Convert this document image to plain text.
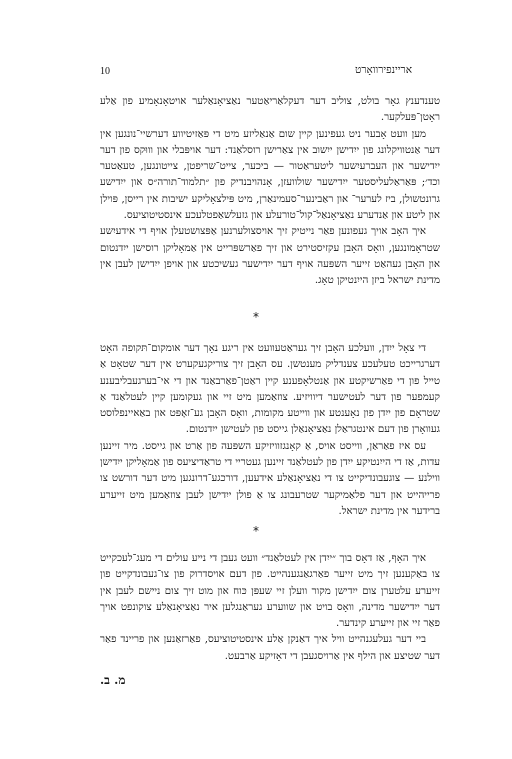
10	אריינפירוואָרט

טענדענץ גאָר בולט, צוליב דער דעקלאַריאַטער נאַציאָנאַלער אויטאָנאָמיע פון אַלע ראָטן־פּעלקער.

מען וועט אָבער ניט געפינען קיין שום אַנאַליזע מיט די פּאַזיטיווע דערשיי־נונגען אין דער אַנטוויקלונג פון ייִדישן ייִשוב אין צאַרישן רוסלאַנד: דער אויפּבלי און וווּקס פון דער ייִדישער און העברעיִשער ליטעראַטור — ביכער, צייט־שריפטן, צייטונגען, טעאַטער וכד׳; פּאַראַלעליסטער ייִדישער שולוועזן, אָנהויבנדיק פון ״תלמוד־תורה״ס און ייִדישע גרונטשולן, ביז לערער־ און ראַבינער־סעמינאַרן, מיט פּילצאָליקע ישיבות אין רייסן, פּוילן און ליטע און אַנדערע נאַציאָנאַל־קול־טורעלע און גזעלשאַפטלעכע אינסטיטוציעס.

איך האָב אויך געפונען פאַר נייטיק זיך אויסצולערנען אַפּצושטעלן אויף די אידעיִשע שטראָמונגען, וואָס האָבן עקזיסטירט און זיך פאַרשפּרייט אין אַמאָליקן רוסישן ייִדנטום און האָבן געהאַט זייער השפּעה אויף דער ייִדישער געשיכטע און אויפן ייִדישן לעבן אין מדינת ישראל ביזן הייִנטיקן טאָג.

*

די צאָל ייִדן, וועלכע האָבן זיך געראַטעוועט אין ריגע נאָך דער אומקום־תּקופה האָט דערגרייכט טעלעכע צענדליק מענטשן. עס האָבן זיך צוריקגעקערט אין דער שטאָט אַ טייל פון די פאַרשיקטע און אַנטלאָפענע קיין ראַטן־פאַרבאַנד און די אי־בערגעבליבענע קעמפער פון דער לעטישער דיוויזיע. צוזאַמען מיט זיי און געקומען קיין לעטלאַנד אַ שטראָם פון ייִדן פון נאָענטע און ווייטע מקומות, וואָס האָבן גע־זאָפּט און באַאיינפלוסט געוואָרן פון דעם אינטגראַלן נאַציאָנאַלן גייסט פון לעטישן ייִדנטום.

עס איז פאַראַן, ווייסט אויס, אַ קאָנגזוויזיקע השפּעה פון אַרט און גייסט. מיר זיינען עדות, אַז די הייִנטיקע ייִדן פון לעטלאַנד זיינען געטריי די טראַדיציעס פון אַמאָליקן ייִדישן ווילנע — צוגעבונדיקייט צו די נאַציאָנאַלע אידעען, דורכגע־דרונגען מיט דער דורשט צו פרייהייט און דער פלאַמיקער שטרעבונג צו אַ פולן ייִדישן לעבן צוזאַמען מיט זייערע ברידער אין מדינת ישראל.

*

איך האָף, אַז דאָס בוך ״ייִדן אין לעטלאַנד״ וועט געבן די נייע עולים די מעג־לעכקייט צו באַקענען זיך מיט זייער פאַרגאַנגענהייט. פון דעם אויסדרוק פון צו־געבונדקייט פון זייערע עלטערן צום ייִדישן מקור וועלן זיי שעפּן כּוח און מוט זיך צום ניישם לעבן אין דער ייִדישער מדינה, וואָס בויט און שווערע געראַנגלען איר נאַציאָנאַלע צוקונפט אויך פאַר זיי און זייערע קינדער.

ביי דער געלעגנהייט וויל איך דאַנקן אַלע אינסטיטוציעס, פאַרזאַנען און פריינד פאַר דער שטיצע און הילף אין אַרויסגעבן די דאָזיקע אַרבעט.

מ. ב.
